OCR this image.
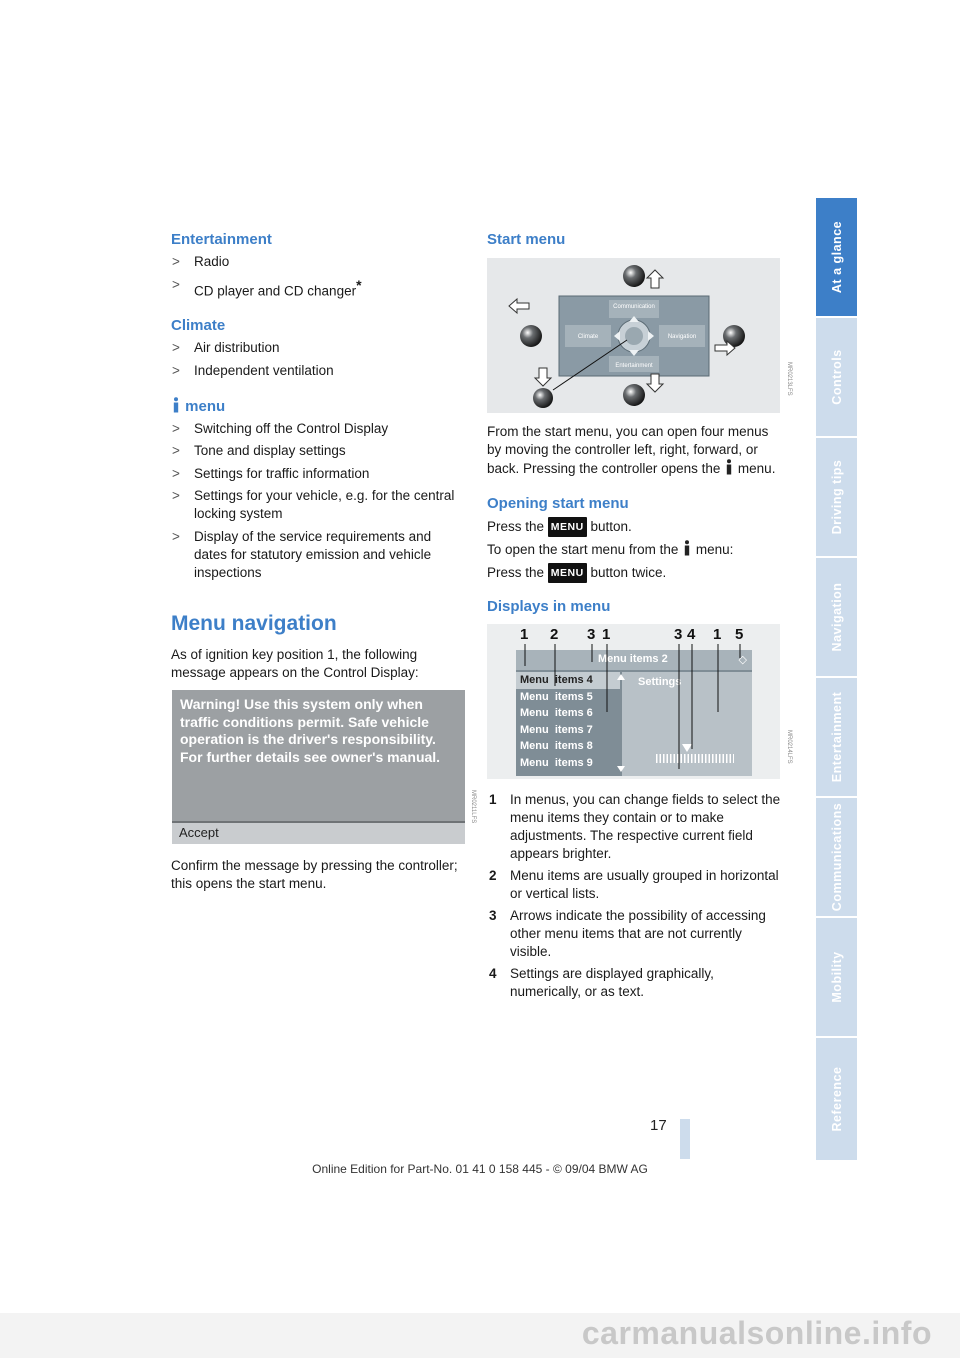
At a glance
Controls
Driving tips
Navigation
Entertainment
Communications
Mobility
Reference
Entertainment
> Radio
> CD player and CD changer*
Climate
> Air distribution
> Independent ventilation
menu
> Switching off the Control Display
> Tone and display settings
> Settings for traffic information
> Settings for your vehicle, e.g. for the central locking system
> Display of the service requirements and dates for statutory emission and vehicle inspections
Menu navigation
As of ignition key position 1, the following message appears on the Control Display:
Warning! Use this system only when
traffic conditions permit. Safe vehicle
operation is the driver's responsibility.
For further details see owner's manual.
Accept
MR0211LFS
Confirm the message by pressing the controller; this opens the start menu.
Start menu
Communication
Climate	Navigation
Entertainment	MR0213LFS
From the start menu, you can open four menus by moving the controller left, right, forward, or back. Pressing the controller opens the menu.
Opening start menu
Press the MENU button.
To open the start menu from the menu:
Press the MENU button twice.
Displays in menu
1 2 3 1	3 4 1 5
Menu items 2	◇
Menu items 4
Menu items 5
Menu items 6
Menu items 7
Menu items 8
Menu items 9
Settings
MR0214LFS
1 In menus, you can change fields to select the menu items they contain or to make adjustments. The respective current field appears brighter.
2 Menu items are usually grouped in horizontal or vertical lists.
3 Arrows indicate the possibility of accessing other menu items that are not currently visible.
4 Settings are displayed graphically, numerically, or as text.
17
Online Edition for Part-No. 01 41 0 158 445 - © 09/04 BMW AG
carmanualsonline.info
